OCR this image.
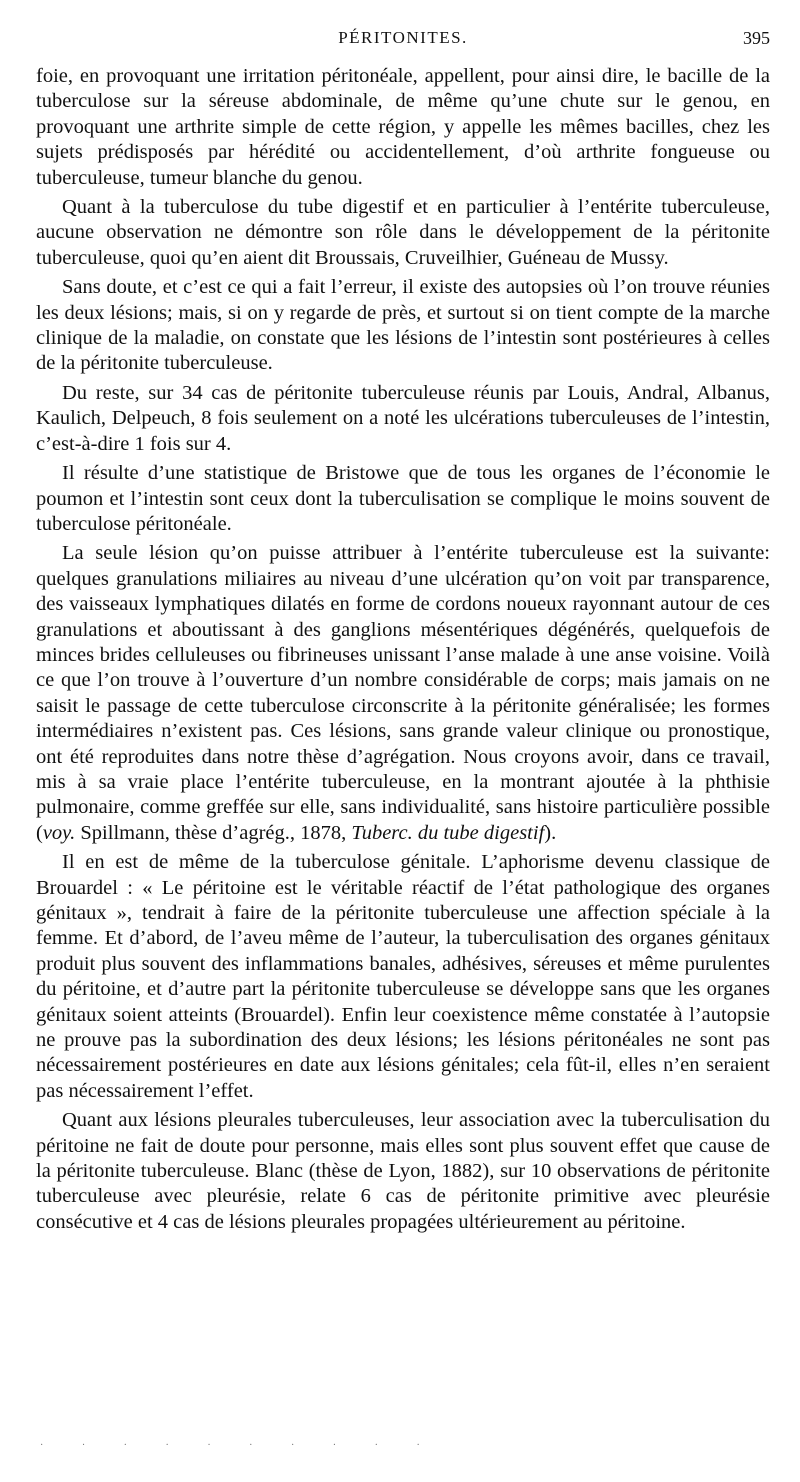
PÉRITONITES.	395

foie, en provoquant une irritation péritonéale, appellent, pour ainsi dire, le bacille de la tuberculose sur la séreuse abdominale, de même qu’une chute sur le genou, en provoquant une arthrite simple de cette région, y appelle les mêmes bacilles, chez les sujets prédisposés par hérédité ou accidentellement, d’où arthrite fongueuse ou tuberculeuse, tumeur blanche du genou.

Quant à la tuberculose du tube digestif et en particulier à l’entérite tuberculeuse, aucune observation ne démontre son rôle dans le développement de la péritonite tuberculeuse, quoi qu’en aient dit Broussais, Cruveilhier, Guéneau de Mussy.

Sans doute, et c’est ce qui a fait l’erreur, il existe des autopsies où l’on trouve réunies les deux lésions; mais, si on y regarde de près, et surtout si on tient compte de la marche clinique de la maladie, on constate que les lésions de l’intestin sont postérieures à celles de la péritonite tuberculeuse.

Du reste, sur 34 cas de péritonite tuberculeuse réunis par Louis, Andral, Albanus, Kaulich, Delpeuch, 8 fois seulement on a noté les ulcérations tuberculeuses de l’intestin, c’est-à-dire 1 fois sur 4.

Il résulte d’une statistique de Bristowe que de tous les organes de l’économie le poumon et l’intestin sont ceux dont la tuberculisation se complique le moins souvent de tuberculose péritonéale.

La seule lésion qu’on puisse attribuer à l’entérite tuberculeuse est la suivante: quelques granulations miliaires au niveau d’une ulcération qu’on voit par transparence, des vaisseaux lymphatiques dilatés en forme de cordons noueux rayonnant autour de ces granulations et aboutissant à des ganglions mésentériques dégénérés, quelquefois de minces brides celluleuses ou fibrineuses unissant l’anse malade à une anse voisine. Voilà ce que l’on trouve à l’ouverture d’un nombre considérable de corps; mais jamais on ne saisit le passage de cette tuberculose circonscrite à la péritonite généralisée; les formes intermédiaires n’existent pas. Ces lésions, sans grande valeur clinique ou pronostique, ont été reproduites dans notre thèse d’agrégation. Nous croyons avoir, dans ce travail, mis à sa vraie place l’entérite tuberculeuse, en la montrant ajoutée à la phthisie pulmonaire, comme greffée sur elle, sans individualité, sans histoire particulière possible (voy. Spillmann, thèse d’agrég., 1878, Tuberc. du tube digestif).

Il en est de même de la tuberculose génitale. L’aphorisme devenu classique de Brouardel : « Le péritoine est le véritable réactif de l’état pathologique des organes génitaux », tendrait à faire de la péritonite tuberculeuse une affection spéciale à la femme. Et d’abord, de l’aveu même de l’auteur, la tuberculisation des organes génitaux produit plus souvent des inflammations banales, adhésives, séreuses et même purulentes du péritoine, et d’autre part la péritonite tuberculeuse se développe sans que les organes génitaux soient atteints (Brouardel). Enfin leur coexistence même constatée à l’autopsie ne prouve pas la subordination des deux lésions; les lésions péritonéales ne sont pas nécessairement postérieures en date aux lésions génitales; cela fût-il, elles n’en seraient pas nécessairement l’effet.

Quant aux lésions pleurales tuberculeuses, leur association avec la tuberculisation du péritoine ne fait de doute pour personne, mais elles sont plus souvent effet que cause de la péritonite tuberculeuse. Blanc (thèse de Lyon, 1882), sur 10 observations de péritonite tuberculeuse avec pleurésie, relate 6 cas de péritonite primitive avec pleurésie consécutive et 4 cas de lésions pleurales propagées ultérieurement au péritoine.

· · · · · · · · · ·
